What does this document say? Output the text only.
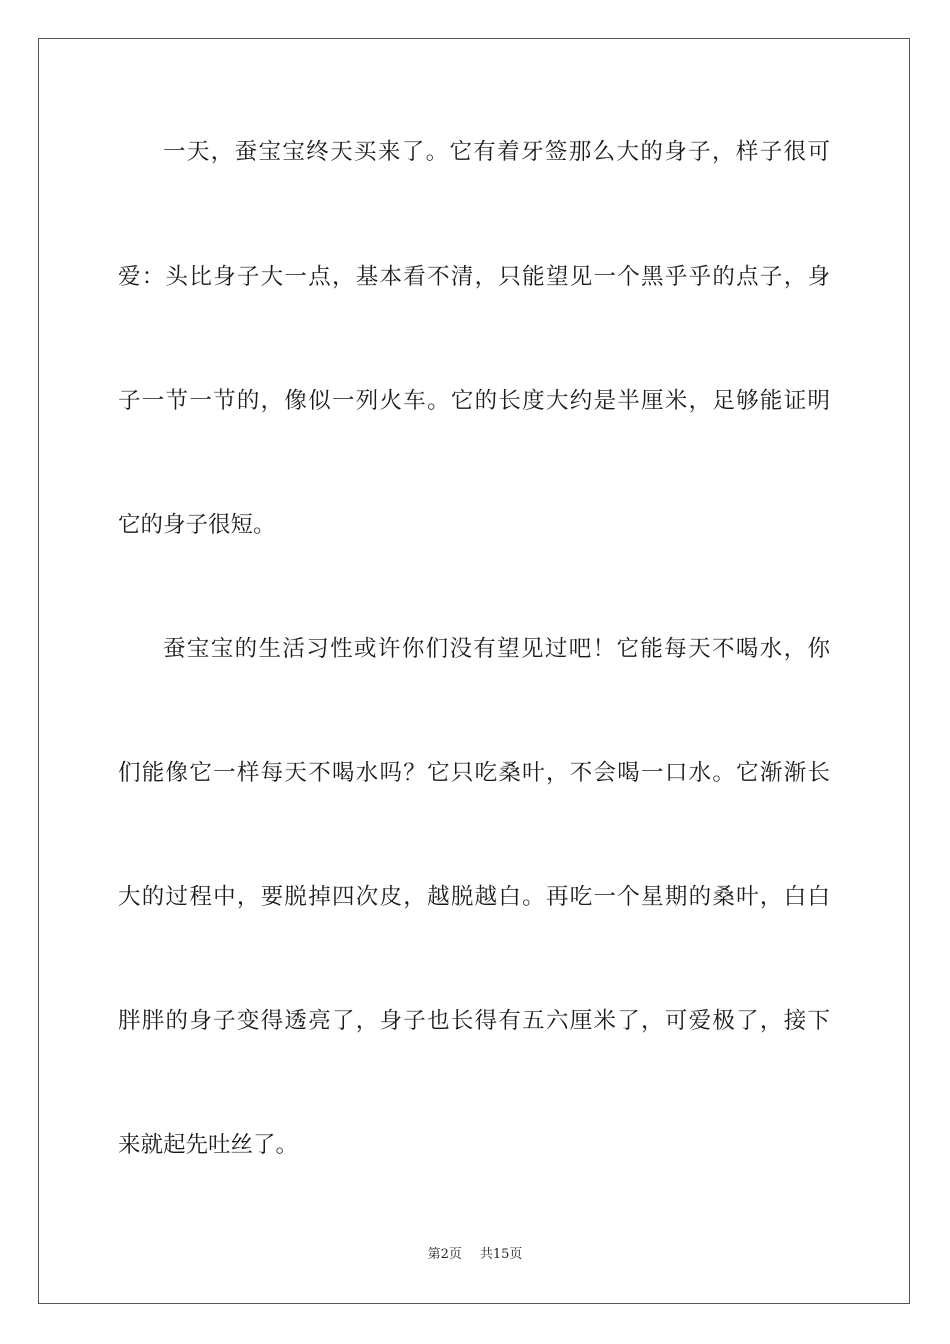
一天，蚕宝宝终天买来了。它有着牙签那么大的身子，样子很可
爱：头比身子大一点，基本看不清，只能望见一个黑乎乎的点子，身
子一节一节的，像似一列火车。它的长度大约是半厘米，足够能证明
它的身子很短。
蚕宝宝的生活习性或许你们没有望见过吧！它能每天不喝水，你
们能像它一样每天不喝水吗？它只吃桑叶，不会喝一口水。它渐渐长
大的过程中，要脱掉四次皮，越脱越白。再吃一个星期的桑叶，白白
胖胖的身子变得透亮了，身子也长得有五六厘米了，可爱极了，接下
来就起先吐丝了。
第2页 共15页
